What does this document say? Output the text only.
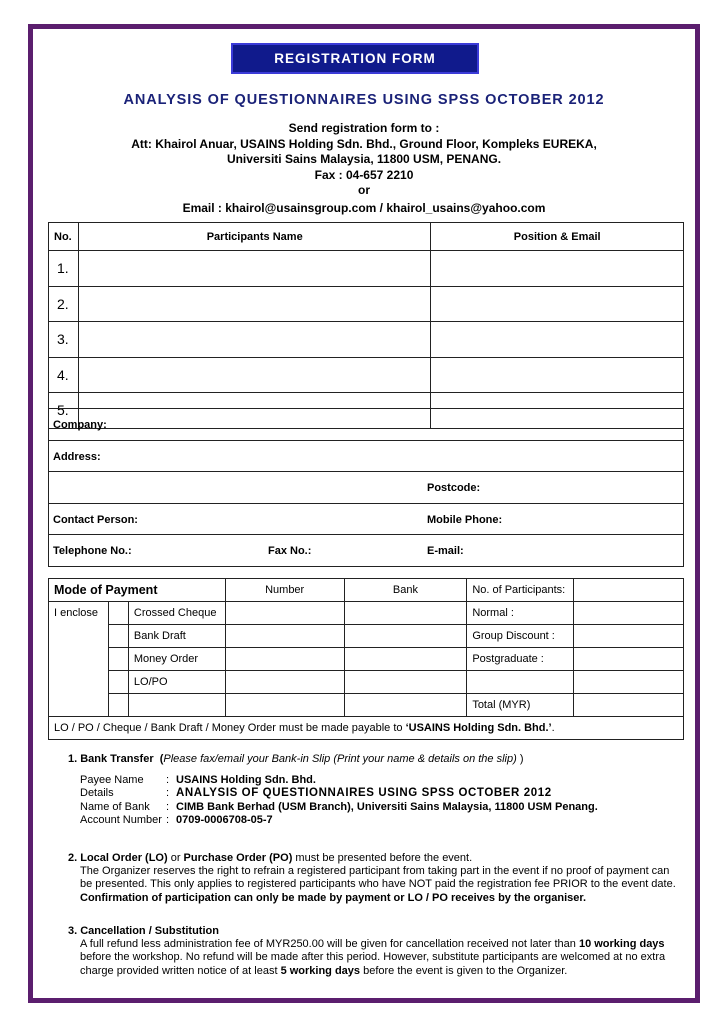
REGISTRATION FORM
ANALYSIS OF QUESTIONNAIRES USING SPSS OCTOBER 2012
Send registration form to :
Att: Khairol Anuar, USAINS Holding Sdn. Bhd., Ground Floor, Kompleks EUREKA,
Universiti Sains Malaysia, 11800 USM, PENANG.
Fax : 04-657 2210
or
Email : khairol@usainsgroup.com / khairol_usains@yahoo.com
No.	Participants Name	Position & Email
1.		
2.		
3.		
4.		
5.		
Company:

Address:

Postcode:

Contact Person:	Mobile Phone:

Telephone No.:	Fax No.:	E-mail:
Mode of Payment			Number	Bank	No. of Participants:	
I enclose		Crossed Cheque			Normal :	
		Bank Draft			Group Discount :	
		Money Order			Postgraduate :	
		LO/PO				
					Total (MYR)	
LO / PO / Cheque / Bank Draft / Money Order must be made payable to ‘USAINS Holding Sdn. Bhd.’.						
1. Bank Transfer  (Please fax/email your Bank-in Slip (Print your name & details on the slip) )
Payee Name	: USAINS Holding Sdn. Bhd.
Details	: ANALYSIS OF QUESTIONNAIRES USING SPSS OCTOBER 2012
Name of Bank	: CIMB Bank Berhad (USM Branch), Universiti Sains Malaysia, 11800 USM Penang.
Account Number : 0709-0006708-05-7
2. Local Order (LO) or Purchase Order (PO) must be presented before the event.
The Organizer reserves the right to refrain a registered participant from taking part in the event if no proof of payment can
be presented. This only applies to registered participants who have NOT paid the registration fee PRIOR to the event date.
Confirmation of participation can only be made by payment or LO / PO receives by the organiser.
3. Cancellation / Substitution
A full refund less administration fee of MYR250.00 will be given for cancellation received not later than 10 working days
before the workshop. No refund will be made after this period. However, substitute participants are welcomed at no extra
charge provided written notice of at least 5 working days before the event is given to the Organizer.
